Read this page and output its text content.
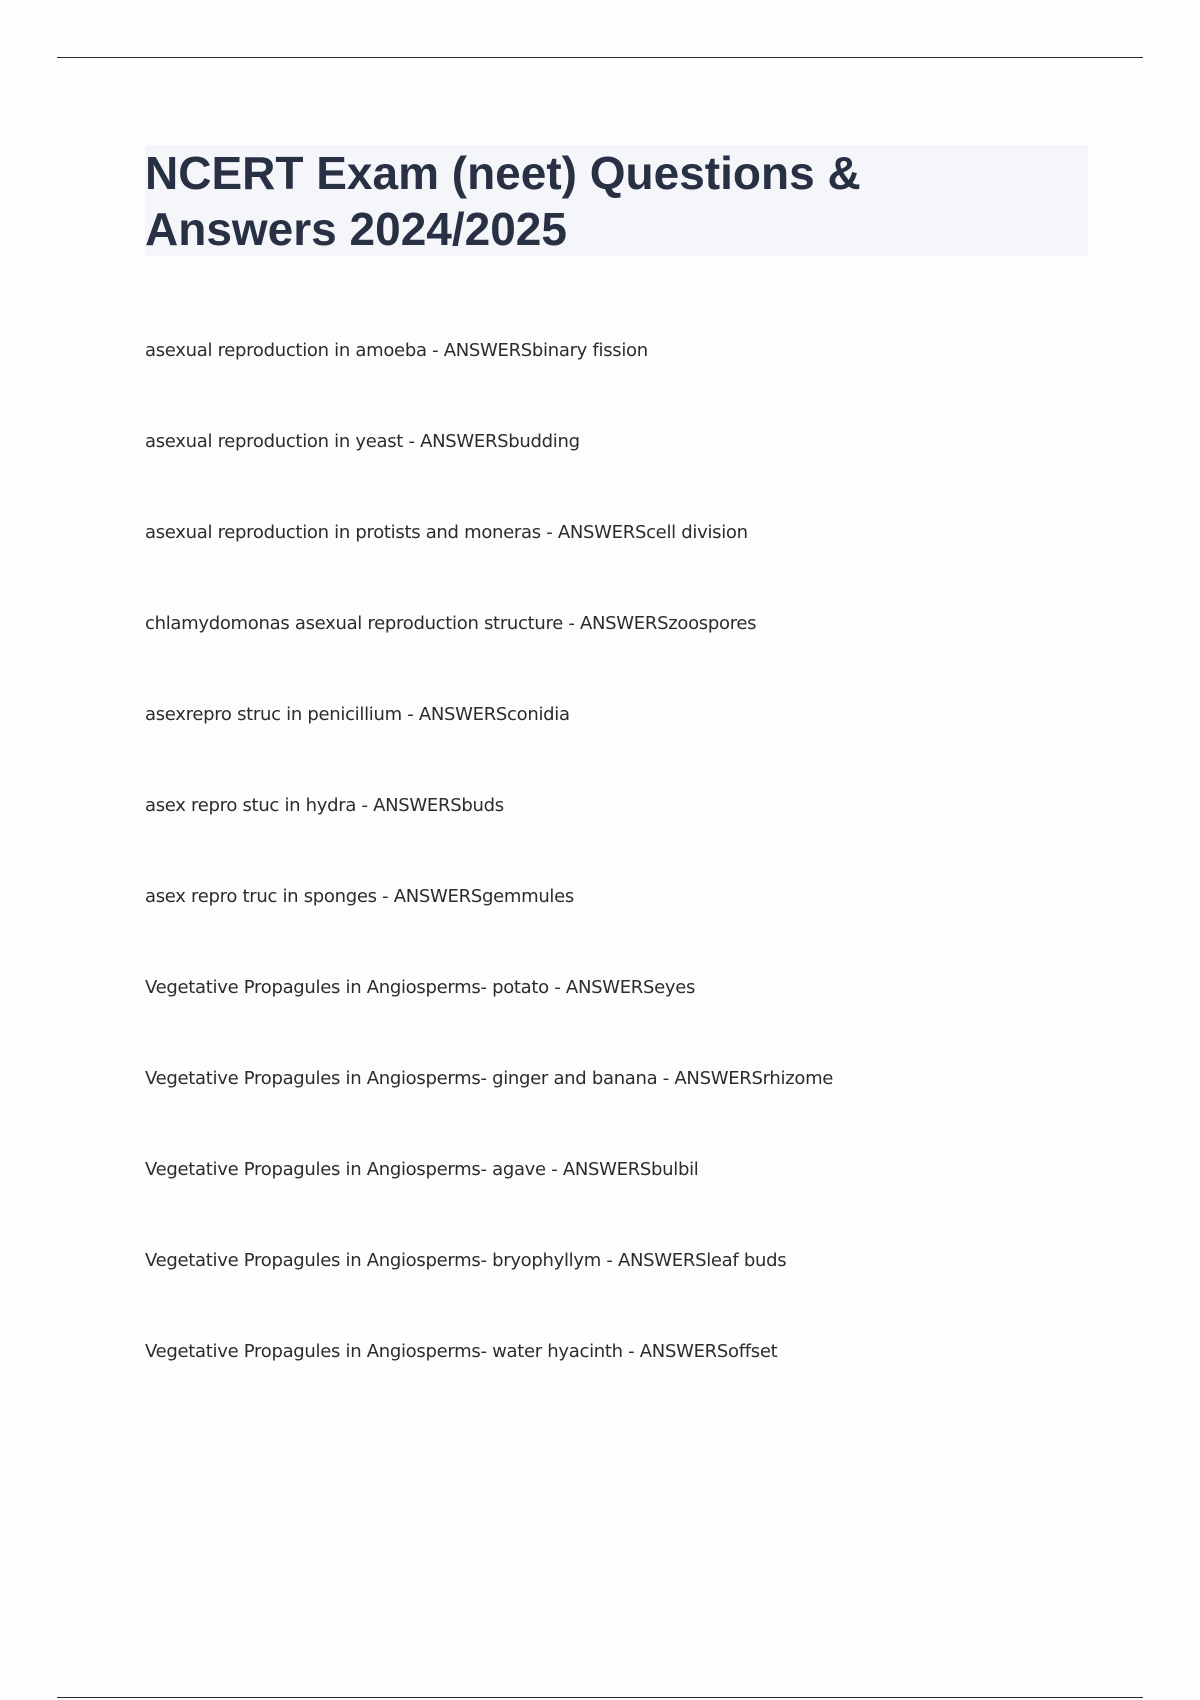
NCERT Exam (neet) Questions & Answers 2024/2025
asexual reproduction in amoeba - ANSWERSbinary fission
asexual reproduction in yeast - ANSWERSbudding
asexual reproduction in protists and moneras - ANSWERScell division
chlamydomonas asexual reproduction structure - ANSWERSzoospores
asexrepro struc in penicillium - ANSWERSconidia
asex repro stuc in hydra - ANSWERSbuds
asex repro truc in sponges - ANSWERSgemmules
Vegetative Propagules in Angiosperms- potato - ANSWERSeyes
Vegetative Propagules in Angiosperms- ginger and banana - ANSWERSrhizome
Vegetative Propagules in Angiosperms- agave - ANSWERSbulbil
Vegetative Propagules in Angiosperms- bryophyllym - ANSWERSleaf buds
Vegetative Propagules in Angiosperms- water hyacinth - ANSWERSoffset
